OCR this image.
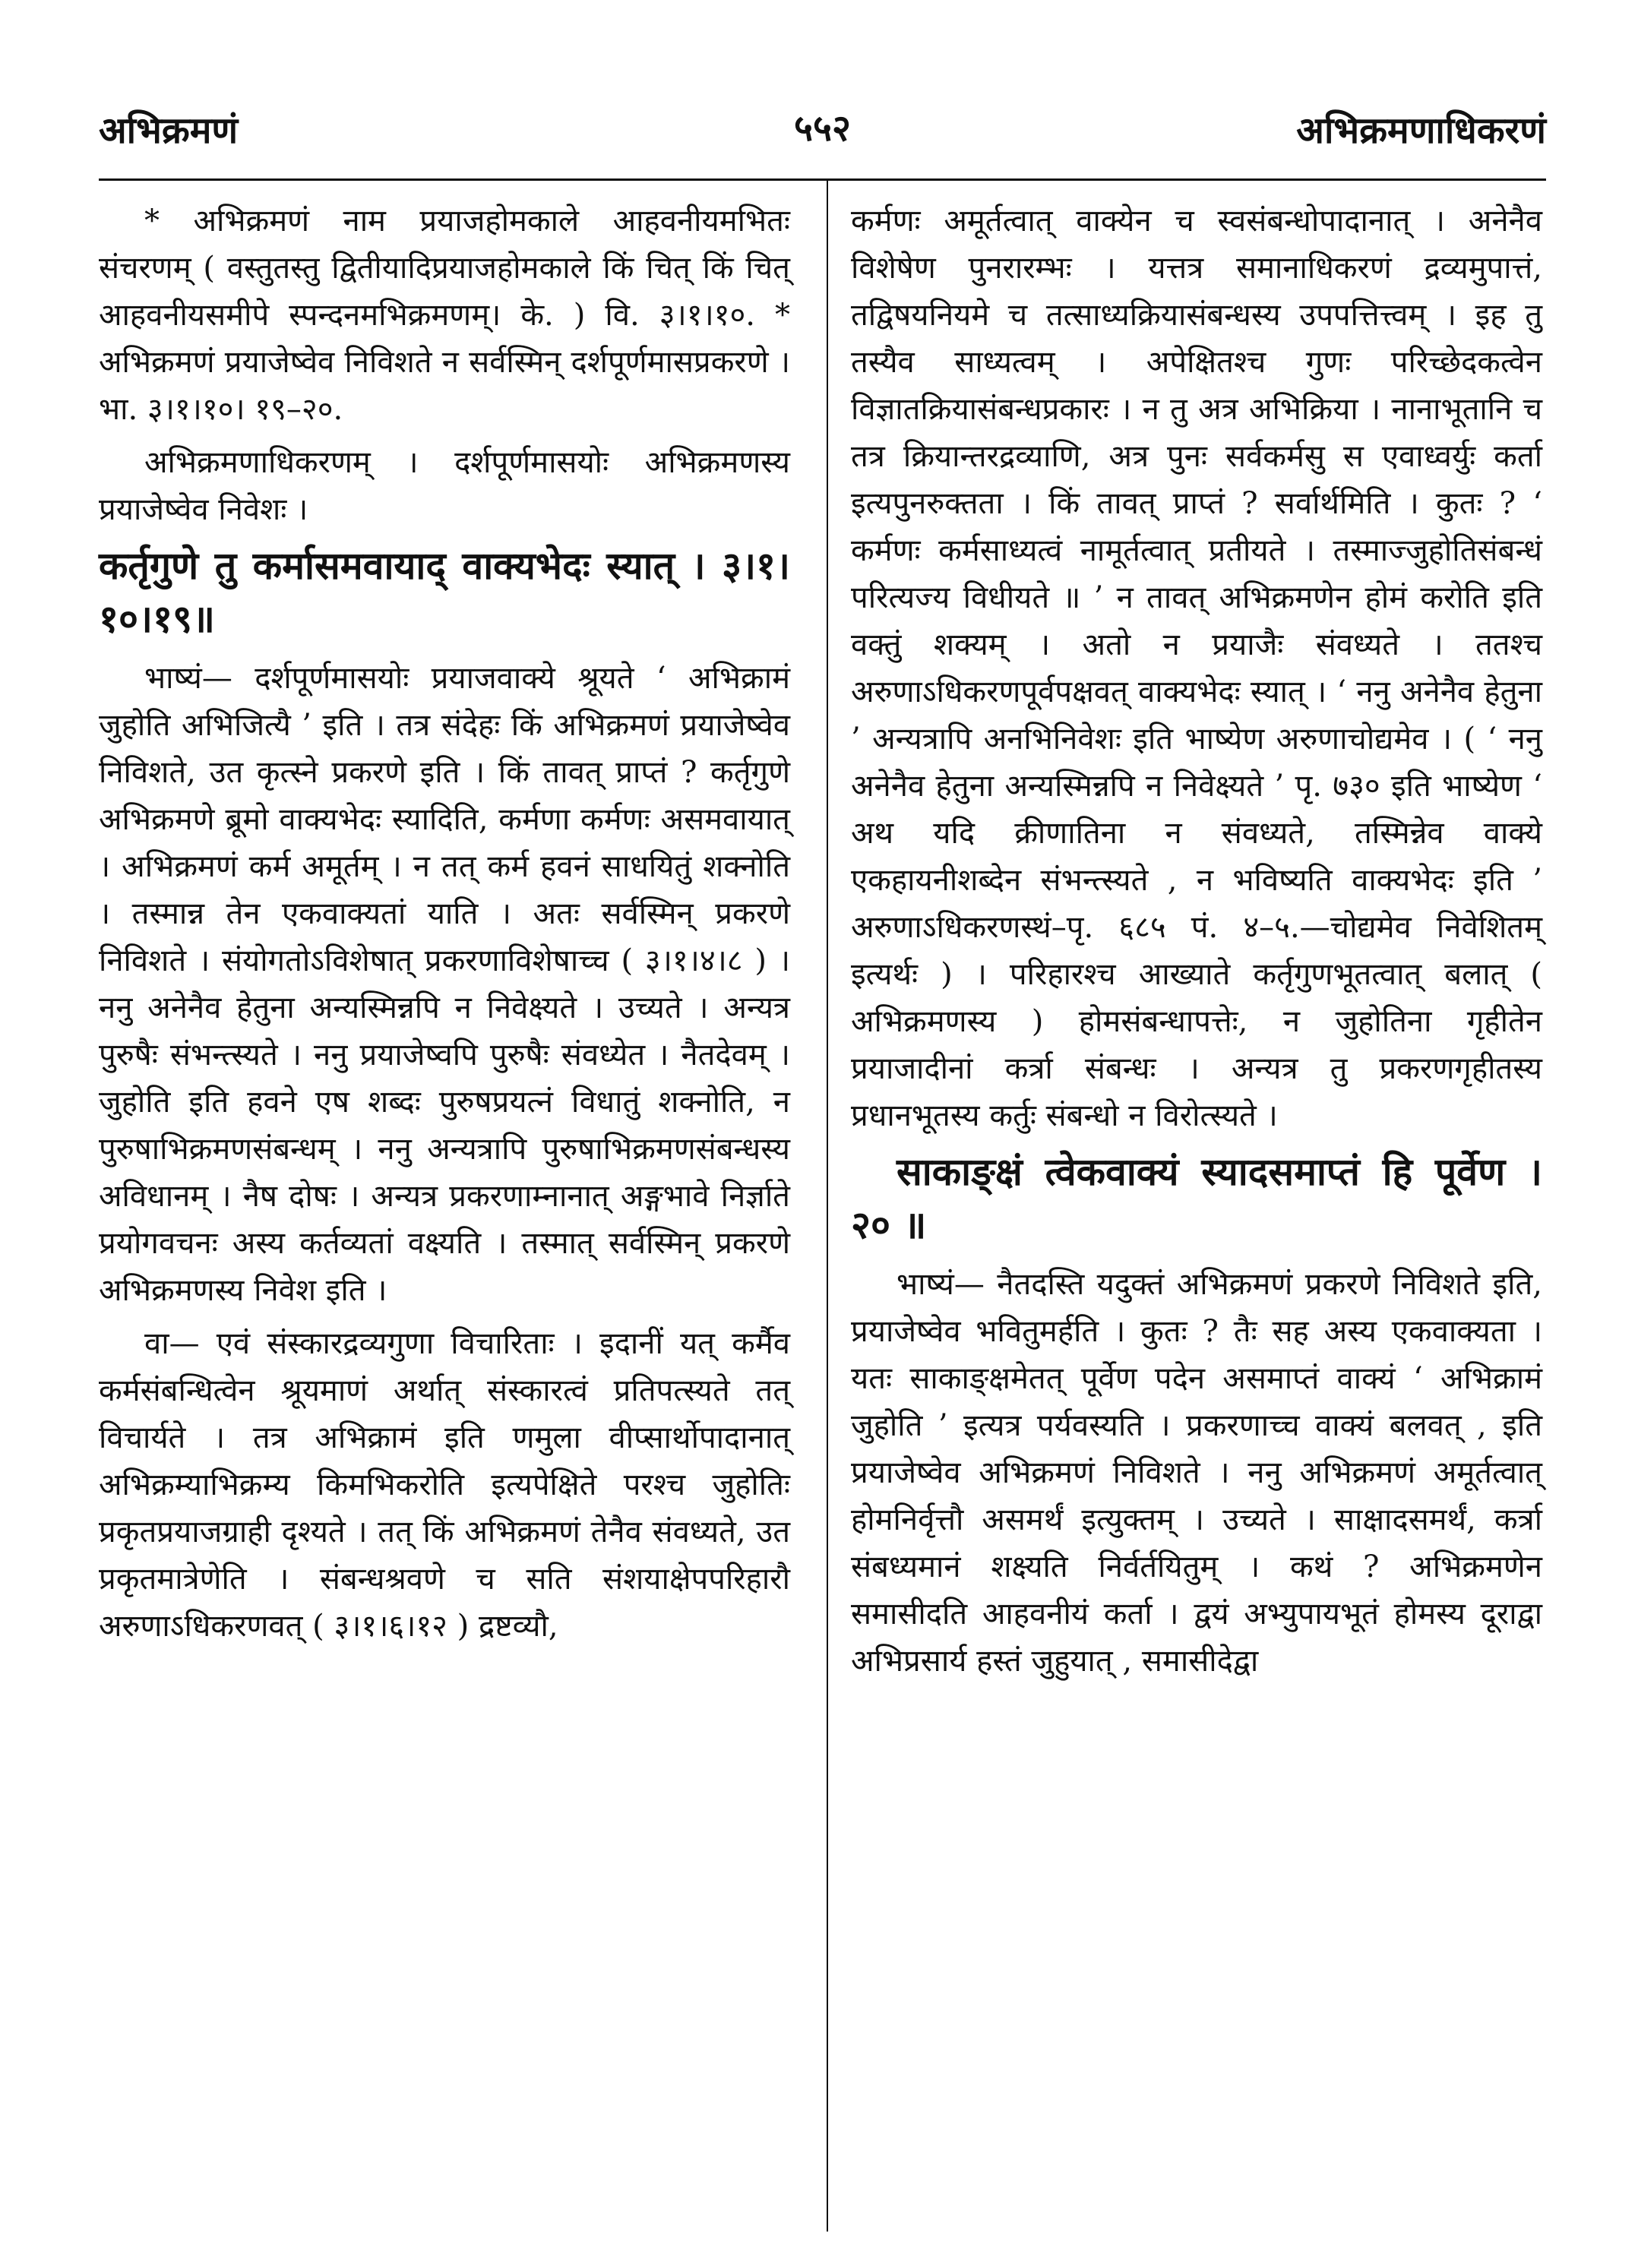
अभिक्रमणं	५५२	अभिक्रमणाधिकरणं

* अभिक्रमणं नाम प्रयाजहोमकाले आहवनीयमभितः संचरणम् ( वस्तुतस्तु द्वितीयादिप्रयाजहोमकाले किं चित् किं चित् आहवनीयसमीपे स्पन्दनमभिक्रमणम्। के. ) वि. ३।१।१०. * अभिक्रमणं प्रयाजेष्वेव निविशते न सर्वस्मिन् दर्शपूर्णमासप्रकरणे । भा. ३।१।१०। १९–२०.

अभिक्रमणाधिकरणम् । दर्शपूर्णमासयोः अभिक्रमणस्य प्रयाजेष्वेव निवेशः ।

कर्तृगुणे तु कर्मासमवायाद् वाक्यभेदः स्यात् । ३।१।१०।१९॥

भाष्यं— दर्शपूर्णमासयोः प्रयाजवाक्ये श्रूयते ‘ अभिक्रामं जुहोति अभिजित्यै ’ इति । तत्र संदेहः किं अभिक्रमणं प्रयाजेष्वेव निविशते, उत कृत्स्ने प्रकरणे इति । किं तावत् प्राप्तं ? कर्तृगुणे अभिक्रमणे ब्रूमो वाक्यभेदः स्यादिति, कर्मणा कर्मणः असमवायात् । अभिक्रमणं कर्म अमूर्तम् । न तत् कर्म हवनं साधयितुं शक्नोति । तस्मान्न तेन एकवाक्यतां याति । अतः सर्वस्मिन् प्रकरणे निविशते । संयोगतोऽविशेषात् प्रकरणाविशेषाच्च ( ३।१।४।८ ) । ननु अनेनैव हेतुना अन्यस्मिन्नपि न निवेक्ष्यते । उच्यते । अन्यत्र पुरुषैः संभन्त्स्यते । ननु प्रयाजेष्वपि पुरुषैः संवध्येत । नैतदेवम् । जुहोति इति हवने एष शब्दः पुरुषप्रयत्नं विधातुं शक्नोति, न पुरुषाभिक्रमणसंबन्धम् । ननु अन्यत्रापि पुरुषाभिक्रमणसंबन्धस्य अविधानम् । नैष दोषः । अन्यत्र प्रकरणाम्नानात् अङ्गभावे निर्ज्ञाते प्रयोगवचनः अस्य कर्तव्यतां वक्ष्यति । तस्मात् सर्वस्मिन् प्रकरणे अभिक्रमणस्य निवेश इति ।

वा— एवं संस्कारद्रव्यगुणा विचारिताः । इदानीं यत् कर्मैव कर्मसंबन्धित्वेन श्रूयमाणं अर्थात् संस्कारत्वं प्रतिपत्स्यते तत् विचार्यते । तत्र अभिक्रामं इति णमुला वीप्सार्थोपादानात् अभिक्रम्याभिक्रम्य किमभिकरोति इत्यपेक्षिते परश्च जुहोतिः प्रकृतप्रयाजग्राही दृश्यते । तत् किं अभिक्रमणं तेनैव संवध्यते, उत प्रकृतमात्रेणेति । संबन्धश्रवणे च सति संशयाक्षेपपरिहारौ अरुणाऽधिकरणवत् ( ३।१।६।१२ ) द्रष्टव्यौ,

कर्मणः अमूर्तत्वात् वाक्येन च स्वसंबन्धोपादानात् । अनेनैव विशेषेण पुनरारम्भः । यत्तत्र समानाधिकरणं द्रव्यमुपात्तं, तद्विषयनियमे च तत्साध्यक्रियासंबन्धस्य उपपत्तित्त्वम् । इह तु तस्यैव साध्यत्वम् । अपेक्षितश्च गुणः परिच्छेदकत्वेन विज्ञातक्रियासंबन्धप्रकारः । न तु अत्र अभिक्रिया । नानाभूतानि च तत्र क्रियान्तरद्रव्याणि, अत्र पुनः सर्वकर्मसु स एवाध्वर्युः कर्ता इत्यपुनरुक्तता । किं तावत् प्राप्तं ? सर्वार्थमिति । कुतः ? ‘ कर्मणः कर्मसाध्यत्वं नामूर्तत्वात् प्रतीयते । तस्माज्जुहोतिसंबन्धं परित्यज्य विधीयते ॥ ’ न तावत् अभिक्रमणेन होमं करोति इति वक्तुं शक्यम् । अतो न प्रयाजैः संवध्यते । ततश्च अरुणाऽधिकरणपूर्वपक्षवत् वाक्यभेदः स्यात् । ‘ ननु अनेनैव हेतुना ’ अन्यत्रापि अनभिनिवेशः इति भाष्येण अरुणाचोद्यमेव । ( ‘ ननु अनेनैव हेतुना अन्यस्मिन्नपि न निवेक्ष्यते ’ पृ. ७३० इति भाष्येण ‘ अथ यदि क्रीणातिना न संवध्यते, तस्मिन्नेव वाक्ये एकहायनीशब्देन संभन्त्स्यते , न भविष्यति वाक्यभेदः इति ’ अरुणाऽधिकरणस्थं–पृ. ६८५ पं. ४–५.—चोद्यमेव निवेशितम् इत्यर्थः ) । परिहारश्च आख्याते कर्तृगुणभूतत्वात् बलात् ( अभिक्रमणस्य ) होमसंबन्धापत्तेः, न जुहोतिना गृहीतेन प्रयाजादीनां कर्त्रा संबन्धः । अन्यत्र तु प्रकरणगृहीतस्य प्रधानभूतस्य कर्तुः संबन्धो न विरोत्स्यते ।

साकाङ्क्षं त्वेकवाक्यं स्यादसमाप्तं हि पूर्वेण । २० ॥

भाष्यं— नैतदस्ति यदुक्तं अभिक्रमणं प्रकरणे निविशते इति, प्रयाजेष्वेव भवितुमर्हति । कुतः ? तैः सह अस्य एकवाक्यता । यतः साकाङ्क्षमेतत् पूर्वेण पदेन असमाप्तं वाक्यं ‘ अभिक्रामं जुहोति ’ इत्यत्र पर्यवस्यति । प्रकरणाच्च वाक्यं बलवत् , इति प्रयाजेष्वेव अभिक्रमणं निविशते । ननु अभिक्रमणं अमूर्तत्वात् होमनिर्वृत्तौ असमर्थं इत्युक्तम् । उच्यते । साक्षादसमर्थं, कर्त्रा संबध्यमानं शक्ष्यति निर्वर्तयितुम् । कथं ? अभिक्रमणेन समासीदति आहवनीयं कर्ता । द्वयं अभ्युपायभूतं होमस्य दूराद्वा अभिप्रसार्य हस्तं जुहुयात् , समासीदेद्वा
